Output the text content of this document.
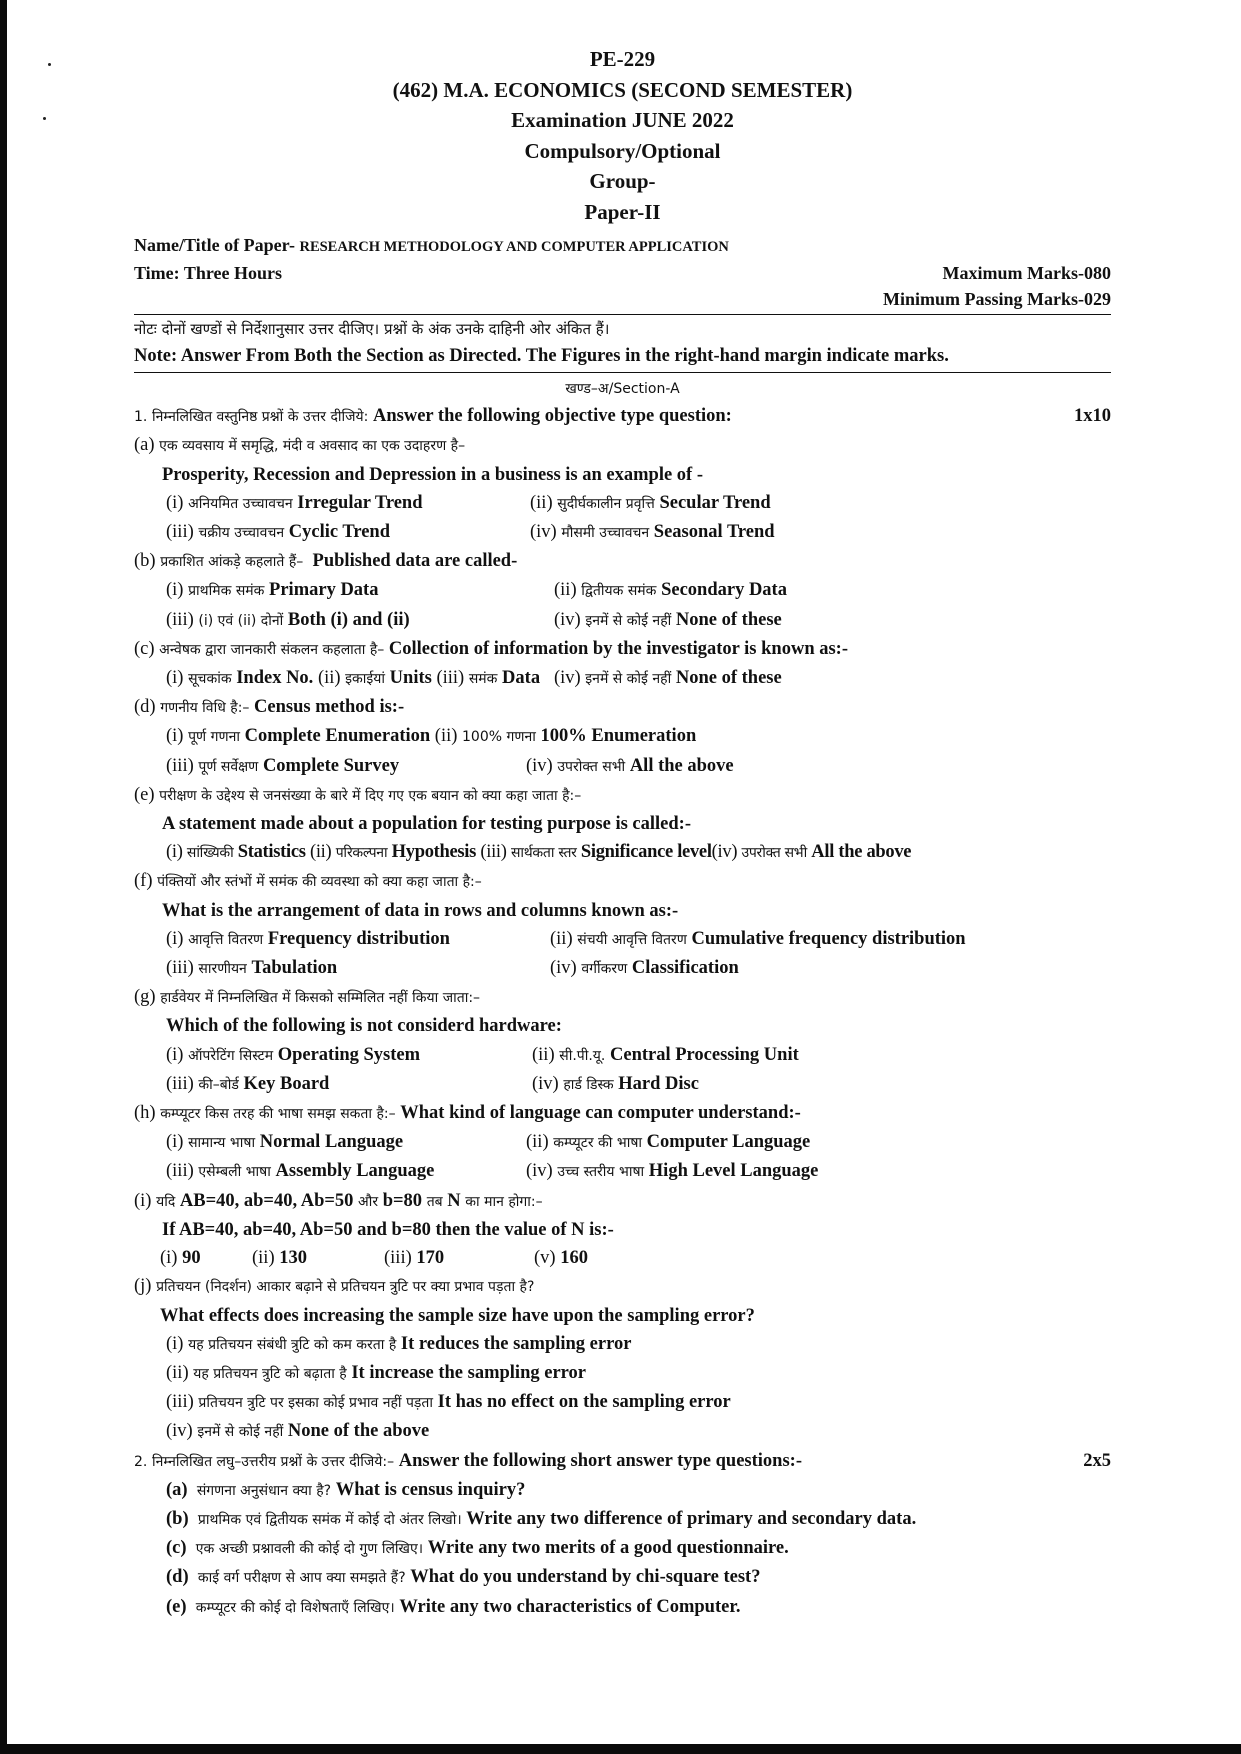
PE-229
(462) M.A. ECONOMICS (SECOND SEMESTER)
Examination JUNE 2022
Compulsory/Optional
Group-
Paper-II
Name/Title of Paper- RESEARCH METHODOLOGY AND COMPUTER APPLICATION
Time: Three Hours	Maximum Marks-080
Minimum Passing Marks-029
नोटः दोनों खण्डों से निर्देशानुसार उत्तर दीजिए। प्रश्नों के अंक उनके दाहिनी ओर अंकित हैं।
Note: Answer From Both the Section as Directed. The Figures in the right-hand margin indicate marks.
खण्ड–अ/Section-A
1. निम्नलिखित वस्तुनिष्ठ प्रश्नों के उत्तर दीजिये: Answer the following objective type question:	1x10
(a) एक व्यवसाय में समृद्धि, मंदी व अवसाद का एक उदाहरण है–
Prosperity, Recession and Depression in a business is an example of -
(i) अनियमित उच्चावचन Irregular Trend	(ii) सुदीर्घकालीन प्रवृत्ति Secular Trend
(iii) चक्रीय उच्चावचन Cyclic Trend	(iv) मौसमी उच्चावचन Seasonal Trend
(b) प्रकाशित आंकड़े कहलाते हैं– Published data are called-
(i) प्राथमिक समंक Primary Data	(ii) द्वितीयक समंक Secondary Data
(iii) (i) एवं (ii) दोनों Both (i) and (ii)	(iv) इनमें से कोई नहीं None of these
(c) अन्वेषक द्वारा जानकारी संकलन कहलाता है– Collection of information by the investigator is known as:-
(i) सूचकांक Index No. (ii) इकाईयां Units (iii) समंक Data (iv) इनमें से कोई नहीं None of these
(d) गणनीय विधि है:– Census method is:-
(i) पूर्ण गणना Complete Enumeration (ii) 100% गणना 100% Enumeration
(iii) पूर्ण सर्वेक्षण Complete Survey	(iv) उपरोक्त सभी All the above
(e) परीक्षण के उद्देश्य से जनसंख्या के बारे में दिए गए एक बयान को क्या कहा जाता है:–
A statement made about a population for testing purpose is called:-
(i) सांख्यिकी Statistics (ii) परिकल्पना Hypothesis (iii) सार्थकता स्तर Significance level(iv) उपरोक्त सभी All the above
(f) पंक्तियों और स्तंभों में समंक की व्यवस्था को क्या कहा जाता है:–
What is the arrangement of data in rows and columns known as:-
(i) आवृत्ति वितरण Frequency distribution	(ii) संचयी आवृत्ति वितरण Cumulative frequency distribution
(iii) सारणीयन Tabulation	(iv) वर्गीकरण Classification
(g) हार्डवेयर में निम्नलिखित में किसको सम्मिलित नहीं किया जाता:–
Which of the following is not considerd hardware:
(i) ऑपरेटिंग सिस्टम Operating System	(ii) सी.पी.यू. Central Processing Unit
(iii) की–बोर्ड Key Board	(iv) हार्ड डिस्क Hard Disc
(h) कम्प्यूटर किस तरह की भाषा समझ सकता है:– What kind of language can computer understand:-
(i) सामान्य भाषा Normal Language	(ii) कम्प्यूटर की भाषा Computer Language
(iii) एसेम्बली भाषा Assembly Language	(iv) उच्च स्तरीय भाषा High Level Language
(i) यदि AB=40, ab=40, Ab=50 और b=80 तब N का मान होगा:–
If AB=40, ab=40, Ab=50 and b=80 then the value of N is:-
(i) 90	(ii) 130	(iii) 170	(v) 160
(j) प्रतिचयन (निदर्शन) आकार बढ़ाने से प्रतिचयन त्रुटि पर क्या प्रभाव पड़ता है?
What effects does increasing the sample size have upon the sampling error?
(i) यह प्रतिचयन संबंधी त्रुटि को कम करता है It reduces the sampling error
(ii) यह प्रतिचयन त्रुटि को बढ़ाता है It increase the sampling error
(iii) प्रतिचयन त्रुटि पर इसका कोई प्रभाव नहीं पड़ता It has no effect on the sampling error
(iv) इनमें से कोई नहीं None of the above
2. निम्नलिखित लघु–उत्तरीय प्रश्नों के उत्तर दीजिये:– Answer the following short answer type questions:-	2x5
(a) संगणना अनुसंधान क्या है? What is census inquiry?
(b) प्राथमिक एवं द्वितीयक समंक में कोई दो अंतर लिखो। Write any two difference of primary and secondary data.
(c) एक अच्छी प्रश्नावली की कोई दो गुण लिखिए। Write any two merits of a good questionnaire.
(d) काई वर्ग परीक्षण से आप क्या समझते हैं? What do you understand by chi-square test?
(e) कम्प्यूटर की कोई दो विशेषताएँ लिखिए। Write any two characteristics of Computer.
